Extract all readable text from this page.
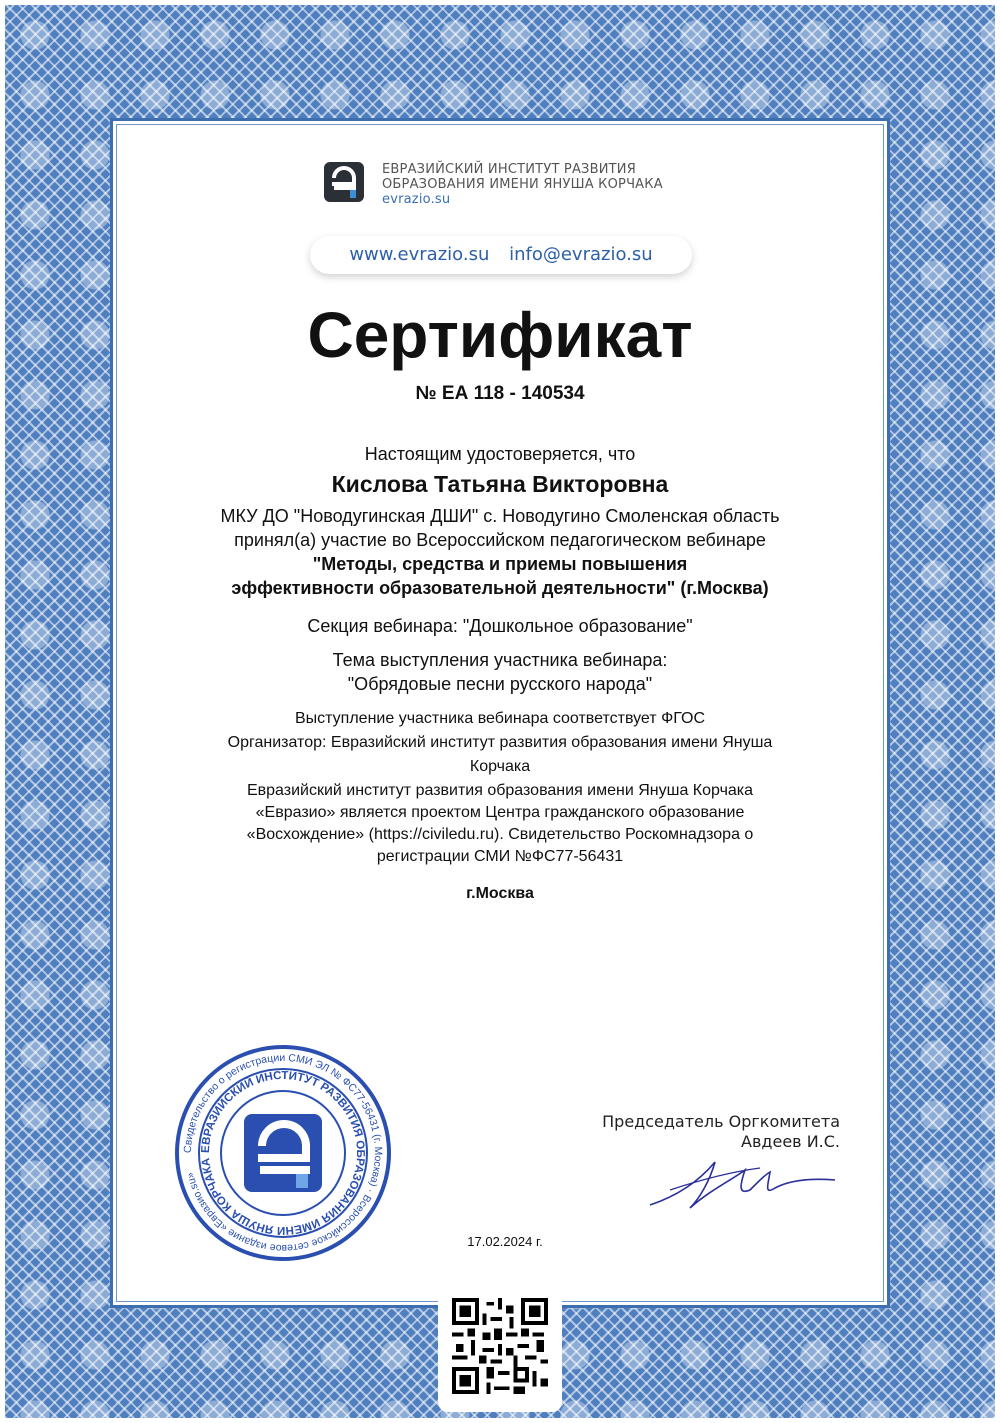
ЕВРАЗИЙСКИЙ ИНСТИТУТ РАЗВИТИЯ
ОБРАЗОВАНИЯ ИМЕНИ ЯНУША КОРЧАКА
evrazio.su
www.evrazio.su info@evrazio.su
Сертификат
№ ЕА 118 - 140534
Настоящим удостоверяется, что
Кислова Татьяна Викторовна
МКУ ДО "Новодугинская ДШИ" с. Новодугино Смоленская область
принял(а) участие во Всероссийском педагогическом вебинаре
"Методы, средства и приемы повышения
эффективности образовательной деятельности" (г.Москва)
Секция вебинара: "Дошкольное образование"
Тема выступления участника вебинара:
"Обрядовые песни русского народа"
Выступление участника вебинара соответствует ФГОС
Организатор: Евразийский институт развития образования имени Януша
Корчака
Евразийский институт развития образования имени Януша Корчака
«Евразио» является проектом Центра гражданского образование
«Восхождение» (https://civiledu.ru). Свидетельство Роскомнадзора о
регистрации СМИ №ФС77-56431
г.Москва
Свидетельство о регистрации СМИ ЭЛ № ФС77-56431 (г. Москва) · Всероссийское сетевое издание «Евразио.su»
ЕВРАЗИЙСКИЙ ИНСТИТУТ РАЗВИТИЯ ОБРАЗОВАНИЯ ИМЕНИ ЯНУША КОРЧАКА
Председатель Оргкомитета
Авдеев И.С.
17.02.2024 г.
